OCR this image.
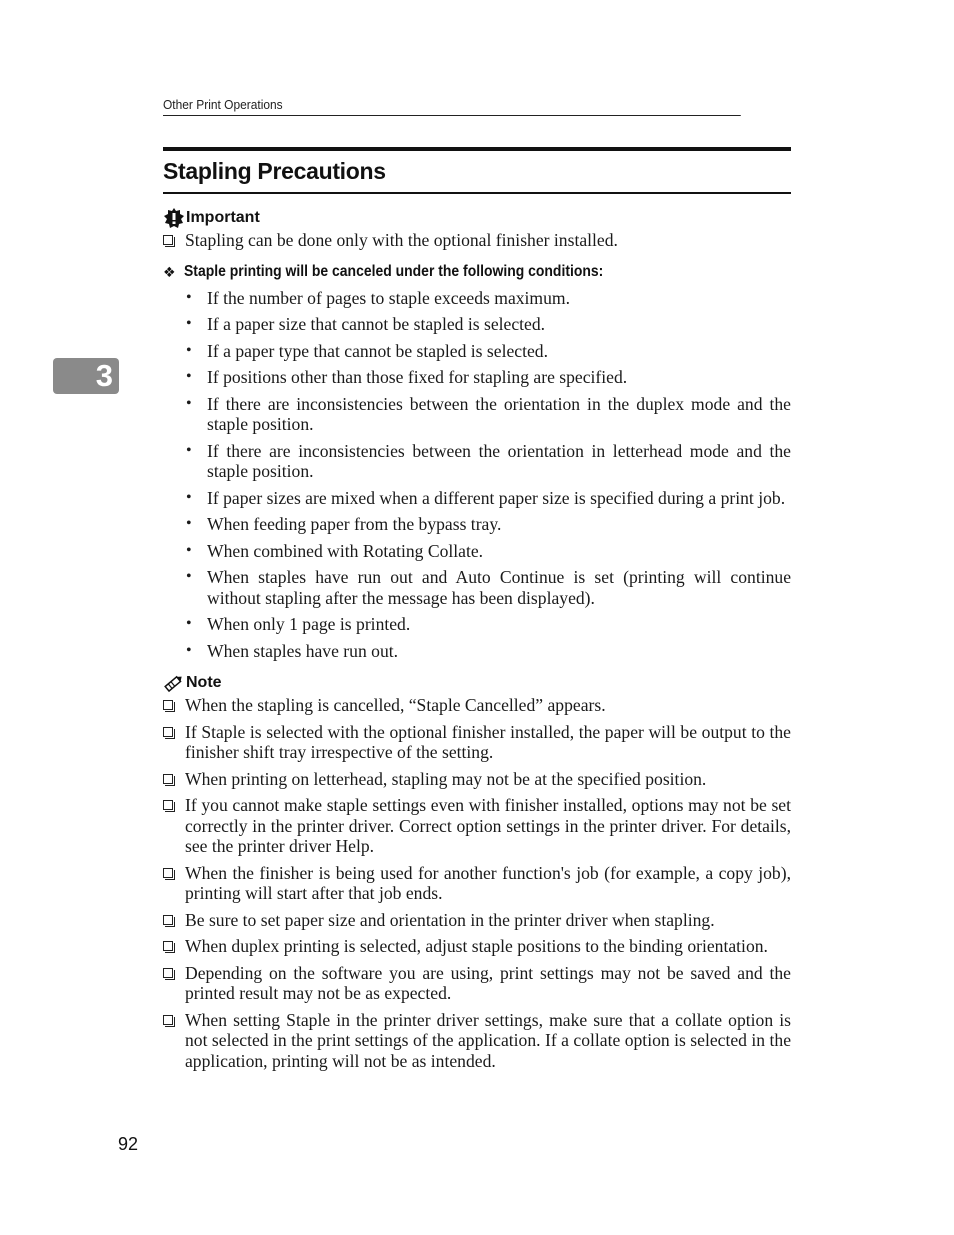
Other Print Operations
Stapling Precautions
3
Important
Stapling can be done only with the optional finisher installed.
❖ Staple printing will be canceled under the following conditions:
• If the number of pages to staple exceeds maximum.
• If a paper size that cannot be stapled is selected.
• If a paper type that cannot be stapled is selected.
• If positions other than those fixed for stapling are specified.
• If there are inconsistencies between the orientation in the duplex mode and the staple position.
• If there are inconsistencies between the orientation in letterhead mode and the staple position.
• If paper sizes are mixed when a different paper size is specified during a print job.
• When feeding paper from the bypass tray.
• When combined with Rotating Collate.
• When staples have run out and Auto Continue is set (printing will continue without stapling after the message has been displayed).
• When only 1 page is printed.
• When staples have run out.
Note
When the stapling is cancelled, “Staple Cancelled” appears.
If Staple is selected with the optional finisher installed, the paper will be output to the finisher shift tray irrespective of the setting.
When printing on letterhead, stapling may not be at the specified position.
If you cannot make staple settings even with finisher installed, options may not be set correctly in the printer driver. Correct option settings in the printer driver. For details, see the printer driver Help.
When the finisher is being used for another function's job (for example, a copy job), printing will start after that job ends.
Be sure to set paper size and orientation in the printer driver when stapling.
When duplex printing is selected, adjust staple positions to the binding orientation.
Depending on the software you are using, print settings may not be saved and the printed result may not be as expected.
When setting Staple in the printer driver settings, make sure that a collate option is not selected in the print settings of the application. If a collate option is selected in the application, printing will not be as intended.
92
